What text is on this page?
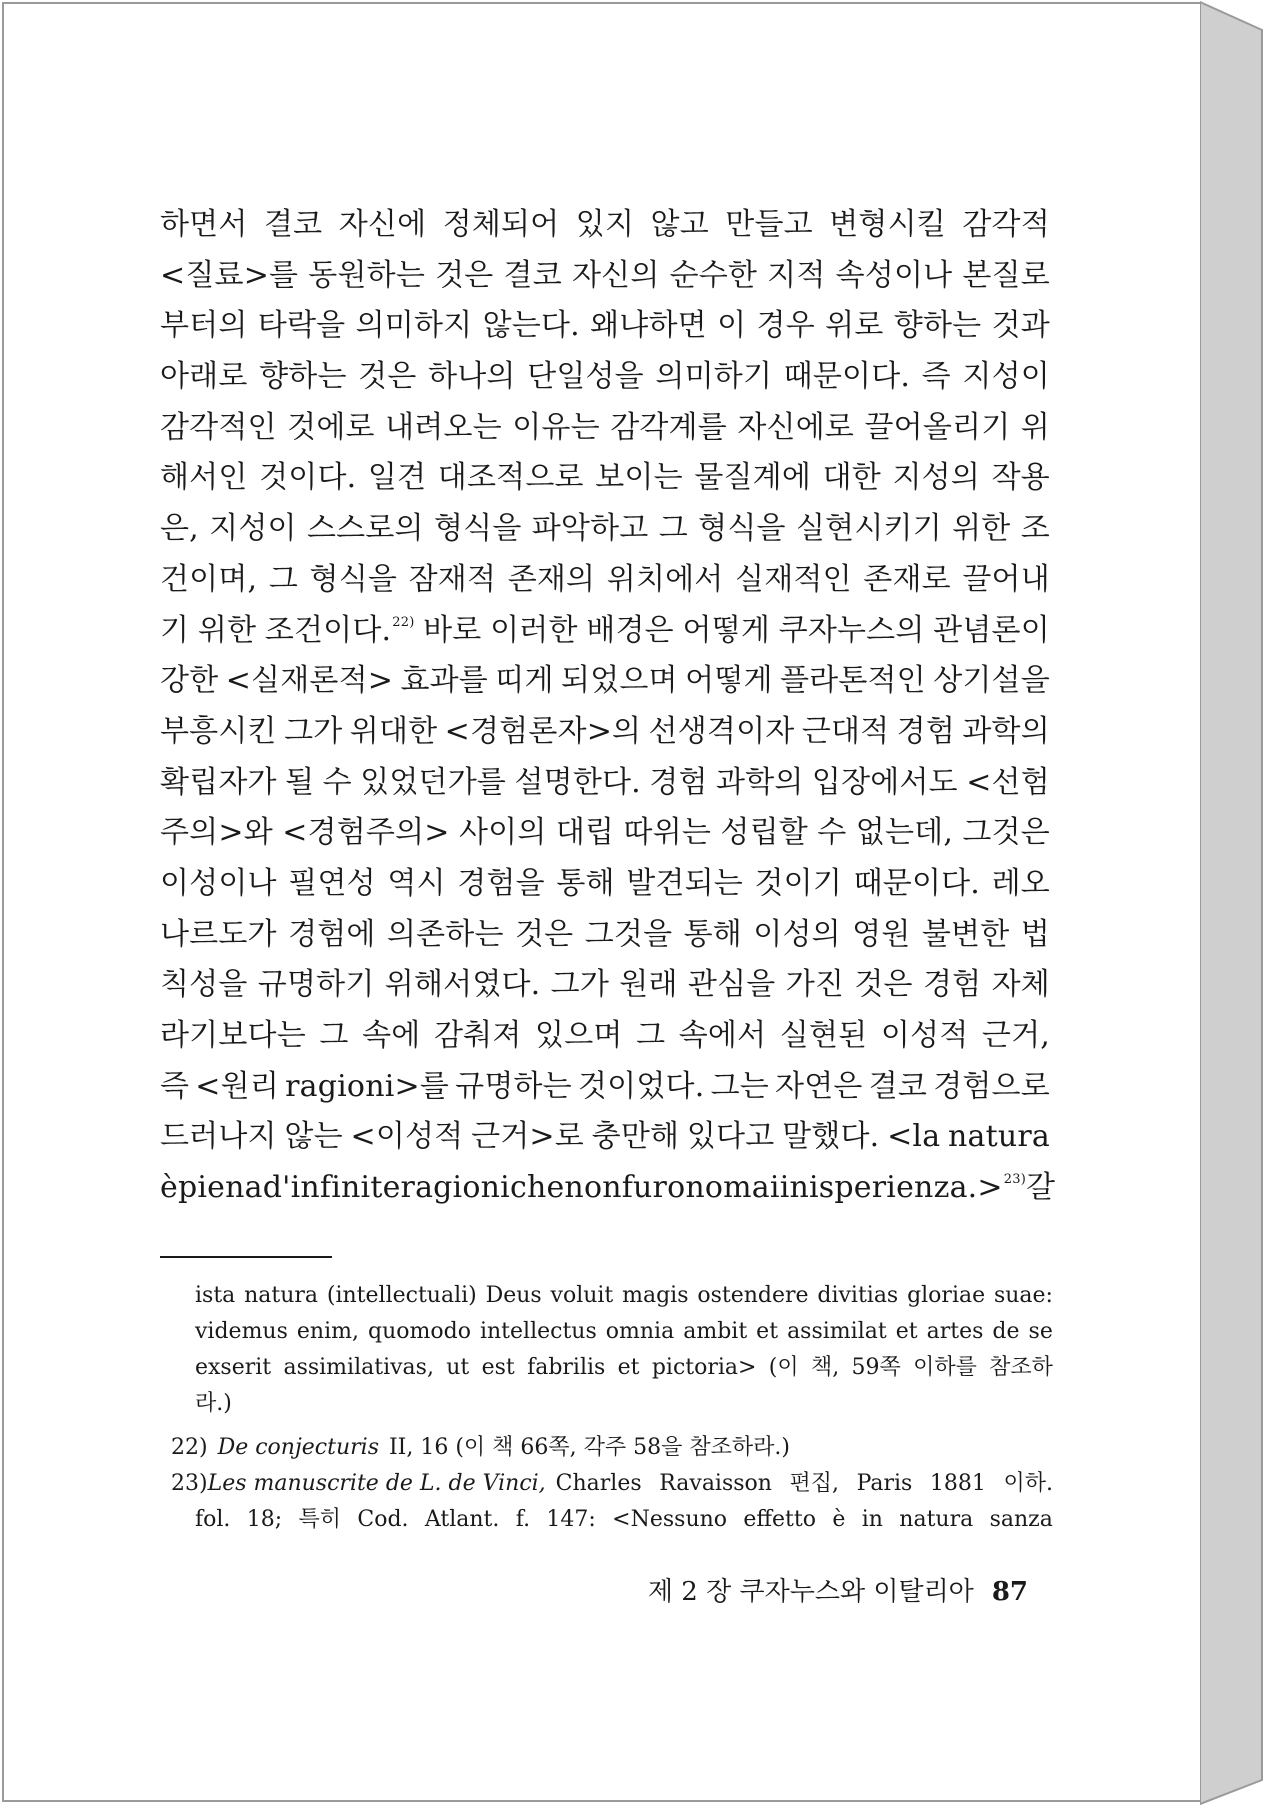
하면서 결코 자신에 정체되어 있지 않고 만들고 변형시킬 감각적
<질료>를 동원하는 것은 결코 자신의 순수한 지적 속성이나 본질로
부터의 타락을 의미하지 않는다. 왜냐하면 이 경우 위로 향하는 것과
아래로 향하는 것은 하나의 단일성을 의미하기 때문이다. 즉 지성이
감각적인 것에로 내려오는 이유는 감각계를 자신에로 끌어올리기 위
해서인 것이다. 일견 대조적으로 보이는 물질계에 대한 지성의 작용
은, 지성이 스스로의 형식을 파악하고 그 형식을 실현시키기 위한 조
건이며, 그 형식을 잠재적 존재의 위치에서 실재적인 존재로 끌어내
기 위한 조건이다.$^{22)}$ 바로 이러한 배경은 어떻게 쿠자누스의 관념론이
강한 <실재론적> 효과를 띠게 되었으며 어떻게 플라톤적인 상기설을
부흥시킨 그가 위대한 <경험론자>의 선생격이자 근대적 경험 과학의
확립자가 될 수 있었던가를 설명한다. 경험 과학의 입장에서도 <선험
주의>와 <경험주의> 사이의 대립 따위는 성립할 수 없는데, 그것은
이성이나 필연성 역시 경험을 통해 발견되는 것이기 때문이다. 레오
나르도가 경험에 의존하는 것은 그것을 통해 이성의 영원 불변한 법
칙성을 규명하기 위해서였다. 그가 원래 관심을 가진 것은 경험 자체
라기보다는 그 속에 감춰져 있으며 그 속에서 실현된 이성적 근거,
즉 <원리 ragioni>를 규명하는 것이었다. 그는 자연은 결코 경험으로
드러나지 않는 <이성적 근거>로 충만해 있다고 말했다. <la natura
è piena d'infinite ragioni che non furono mai in isperienza.>$^{23)}$ 갈
ista natura (intellectuali) Deus voluit magis ostendere divitias gloriae suae:
videmus enim, quomodo intellectus omnia ambit et assimilat et artes de se
exserit assimilativas, ut est fabrilis et pictoria> (이 책, 59쪽 이하를 참조하
라.)
22) De conjecturis II, 16 (이 책 66쪽, 각주 58을 참조하라.)
23) Les manuscrite de L. de Vinci, Charles Ravaisson 편집, Paris 1881 이하.
fol. 18; 특히 Cod. Atlant. f. 147: <Nessuno effetto è in natura sanza
제 2 장 쿠자누스와 이탈리아 87
